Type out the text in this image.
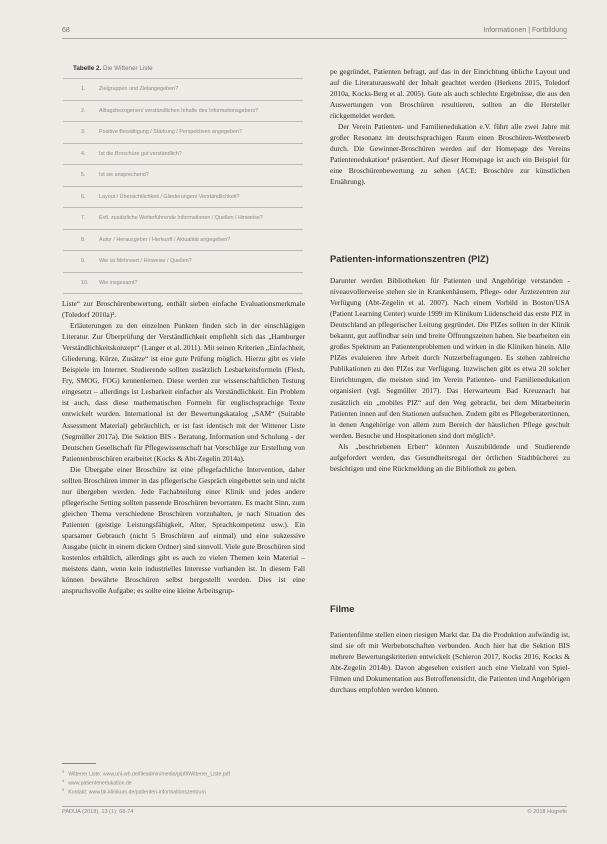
68	Informationen | Fortbildung
Tabelle 2. Die Wittener Liste
1.	Zielgruppen und Zielangegeben?
2.	Alltagsbezogenen/ verständlichen Inhalte des Informationsgebers?
3.	Positive Bewältigung / Stärkung / Perspektiven angegeben?
4.	Ist die Broschüre gut verständlich?
5.	Ist sie ansprechend?
6.	Layout / Übersichtlichkeit / Gliederungen/ Verständlichkeit?
7.	Evtl. zusätzliche Weiterführende Informationen / Quellen / Hinweise?
8.	Autor / Herausgeber / Herkunft / Aktualität angegeben?
9.	Wie ist Mehrwert / Hinweise / Quellen?
10.	Wie insgesamt?

Liste“ zur Broschürenbewertung, enthält sieben einfache Evaluationsmerkmale (Toledorf 2010a)³.

Erläuterungen zu den einzelnen Punkten finden sich in der einschlägigen Literatur. Zur Überprüfung der Verständlichkeit empfiehlt sich das „Hamburger Verständlichkeitskonzept“ (Langer et al. 2011). Mit seinen Kriterien „Einfachheit, Gliederung, Kürze, Zusätze“ ist eine gute Prüfung möglich. Hierzu gibt es viele Beispiele im Internet. Studierende sollten zusätzlich Lesbarkeitsformeln (Flesh, Fry, SMOG, FOG) kennenlernen. Diese werden zur wissenschaftlichen Testung eingesetzt – allerdings ist Lesbarkeit einfacher als Verständlichkeit. Ein Problem ist auch, dass diese mathematischen Formeln für englischsprachige Texte entwickelt wurden. International ist der Bewertungskatalog „SAM“ (Suitable Assessment Material) gebräuchlich, er ist fast identisch mit der Wittener Liste (Segmüller 2017a). Die Sektion BIS - Beratung, Information und Schulung - der Deutschen Gesellschaft für Pflegewissenschaft hat Vorschläge zur Erstellung von Patientenbroschüren erarbeitet (Kocks & Abt-Zegelin 2014a).

Die Übergabe einer Broschüre ist eine pflegefachliche Intervention, daher sollten Broschüren immer in das pflegerische Gespräch eingebettet sein und nicht nur übergeben werden. Jede Fachabteilung einer Klinik und jedes andere pflegerische Setting sollten passende Broschüren bevorraten. Es macht Sinn, zum gleichen Thema verschiedene Broschüren vorzuhalten, je nach Situation des Patienten (geistige Leistungsfähigkeit, Alter, Sprachkompetenz usw.). Ein sparsamer Gebrauch (nicht 5 Broschüren auf einmal) und eine sukzessive Ausgabe (nicht in einem dicken Ordner) sind sinnvoll. Viele gute Broschüren sind kostenlos erhältlich, allerdings gibt es auch zu vielen Themen kein Material – meistens dann, wenn kein industrielles Interesse vorhanden ist. In diesem Fall können bewährte Broschüren selbst hergestellt werden. Dies ist eine anspruchsvolle Aufgabe; es sollte eine kleine Arbeitsgrup-

pe gegründet, Patienten befragt, auf das in der Einrichtung übliche Layout und auf die Literaturauswahl der Inhalt geachtet werden (Herkens 2015, Toledorf 2010a, Kocks-Berg et al. 2005). Gute als auch schlechte Ergebnisse, die aus den Auswertungen von Broschüren resultieren, sollten an die Hersteller rückgemeldet werden.

Der Verein Patienten- und Familienedukation e.V. führt alle zwei Jahre mit großer Resonanz im deutschsprachigen Raum einen Broschüren-Wettbewerb durch. Die Gewinner-Broschüren werden auf der Homepage des Vereins Patientenedukation⁴ präsentiert. Auf dieser Homepage ist auch ein Beispiel für eine Broschürenbewertung zu sehen (ACE: Broschüre zur künstlichen Ernährung).

Patienten-informationszentren (PIZ)

Darunter werden Bibliotheken für Patienten und Angehörige verstanden - niveauvollerweise stehen sie in Krankenhäusern, Pflege- oder Ärztezentren zur Verfügung (Abt-Zegelin et al. 2007). Nach einem Vorbild in Boston/USA (Patient Learning Center) wurde 1999 im Klinikum Lüdenscheid das erste PIZ in Deutschland an pflegerischer Leitung gegründet. Die PIZes sollten in der Klinik bekannt, gut auffindbar sein und breite Öffnungszeiten haben. Sie bearbeiten ein großes Spektrum an Patientenproblemen und wirken in die Kliniken hinein. Alle PIZes evaluieren ihre Arbeit durch Nutzerbefragungen. Es stehen zahlreiche Publikationen zu den PIZes zur Verfügung. Inzwischen gibt es etwa 20 solcher Einrichtungen, die meisten sind im Verein Patienten- und Familienedukation organisiert (vgl. Segmüller 2017). Das Herwarteum Bad Kreuznach hat zusätzlich ein „mobiles PIZ“ auf den Weg gebracht, bei dem Mitarbeiterin Patienten innen auf den Stationen aufsuchen. Zudem gibt es Pflegeberatertinnen, in denen Angehörige von allem zum Bereich der häuslichen Pflege geschult werden. Besuche und Hospitationen sind dort möglich⁵.

Als „beschriebenen Erben“ könnten Auszubildende und Studierende aufgefordert werden, das Gesundheitsregal der örtlichen Stadtbücherei zu besichtigen und eine Rückmeldung an die Bibliothek zu geben.

Filme

Patientenfilme stellen einen riesigen Markt dar. Da die Produktion aufwändig ist, sind sie oft mit Werbebotschaften verbunden. Auch hier hat die Sektion BIS mehrere Bewertungskriterien entwickelt (Schieron 2017, Kocks 2016, Kocks & Abt-Zegelin 2014b). Davon abgesehen existiert auch eine Vielzahl von Spiel-Filmen und Dokumentation aus Betroffenensicht, die Patienten und Angehörigen durchaus empfohlen werden können.

$^3$Wittener Liste: www.uni-wh.de/fileadmin/media/g/pfl/Wittener_Liste.pdf
$^4$www.patientenedukation.de
$^5$Kontakt: www.bk-klinikum.de/patienten-informationszentrum
PADUA (2018), 13 (1): 68-74	© 2018 Hogrefe
